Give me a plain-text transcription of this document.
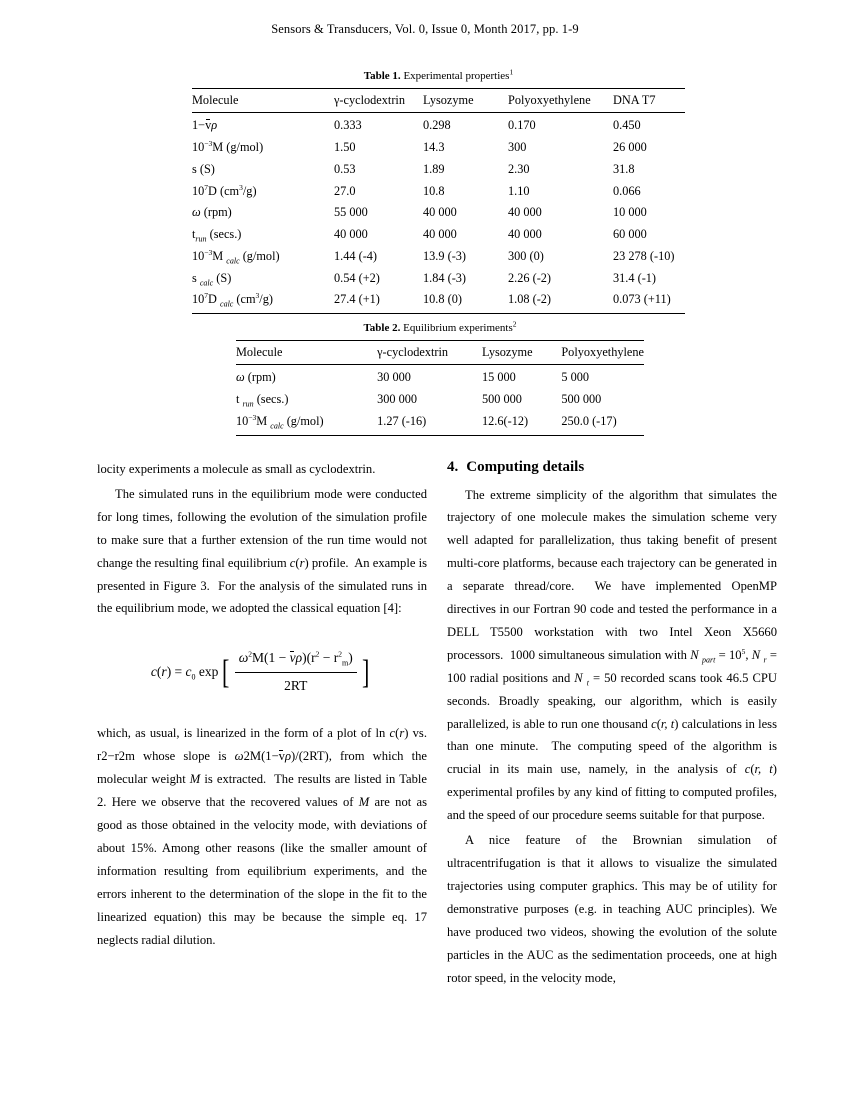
Sensors & Transducers, Vol. 0, Issue 0, Month 2017, pp. 1-9
Table 1. Experimental properties$^1$
Molecule	γ-cyclodextrin	Lysozyme	Polyoxyethylene	DNA T7
1−vρ	0.333	0.298	0.170	0.450
$10^{-3}M$ (g/mol)	1.50	14.3	300	26 000
s (S)	0.53	1.89	2.30	31.8
$10^7D$ $(cm^3/g)$	27.0	10.8	1.10	0.066
ω (rpm)	55 000	40 000	40 000	10 000
$t_{run}$ (secs.)	40 000	40 000	40 000	60 000
$10^{-3}M$ $_{calc}$ (g/mol)	1.44 (-4)	13.9 (-3)	300 (0)	23 278 (-10)
s $_{calc}$ (S)	0.54 (+2)	1.84 (-3)	2.26 (-2)	31.4 (-1)
$10^7D$ $_{calc}$ $(cm^3/g)$	27.4 (+1)	10.8 (0)	1.08 (-2)	0.073 (+11)
Table 2. Equilibrium experiments$^2$
Molecule	γ-cyclodextrin	Lysozyme	Polyoxyethylene
ω (rpm)	30 000	15 000	5 000
t $_{run}$ (secs.)	300 000	500 000	500 000
$10^{-3}M$ $_{calc}$ (g/mol)	1.27 (-16)	12.6(-12)	250.0 (-17)

locity experiments a molecule as small as cyclodextrin.

The simulated runs in the equilibrium mode were conducted for long times, following the evolution of the simulation profile to make sure that a further extension of the run time would not change the resulting final equilibrium c(r) profile.  An example is presented in Figure 3.  For the analysis of the simulated runs in the equilibrium mode, we adopted the classical equation [4]:

$c(r) = c_0$ exp [ $\frac{\omega^2M(1 - \nu\rho)(r^2 - r^2_m)}{2RT}$ ]

which, as usual, is linearized in the form of a plot of ln c(r) vs. r2−r2m whose slope is ω2M(1−vρ)/(2RT), from which the molecular weight M is extracted.  The results are listed in Table 2. Here we observe that the recovered values of M are not as good as those obtained in the velocity mode, with deviations of about 15%. Among other reasons (like the smaller amount of information resulting from equilibrium experiments, and the errors inherent to the determination of the slope in the fit to the linearized equation) this may be because the simple eq. 17 neglects radial dilution.

4. Computing details

The extreme simplicity of the algorithm that simulates the trajectory of one molecule makes the simulation scheme very well adapted for parallelization, thus taking benefit of present multi-core platforms, because each trajectory can be generated in a separate thread/core.  We have implemented OpenMP directives in our Fortran 90 code and tested the performance in a DELL T5500 workstation with two Intel Xeon X5660 processors.  1000 simultaneous simulation with N $_{part} = 10^5$, N $_r$ = 100 radial positions and N $_t$ = 50 recorded scans took 46.5 CPU seconds. Broadly speaking, our algorithm, which is easily parallelized, is able to run one thousand c(r, t) calculations in less than one minute.  The computing speed of the algorithm is crucial in its main use, namely, in the analysis of c(r, t) experimental profiles by any kind of fitting to computed profiles, and the speed of our procedure seems suitable for that purpose.

A nice feature of the Brownian simulation of ultracentrifugation is that it allows to visualize the simulated trajectories using computer graphics. This may be of utility for demonstrative purposes (e.g. in teaching AUC principles). We have produced two videos, showing the evolution of the solute particles in the AUC as the sedimentation proceeds, one at high rotor speed, in the velocity mode,
